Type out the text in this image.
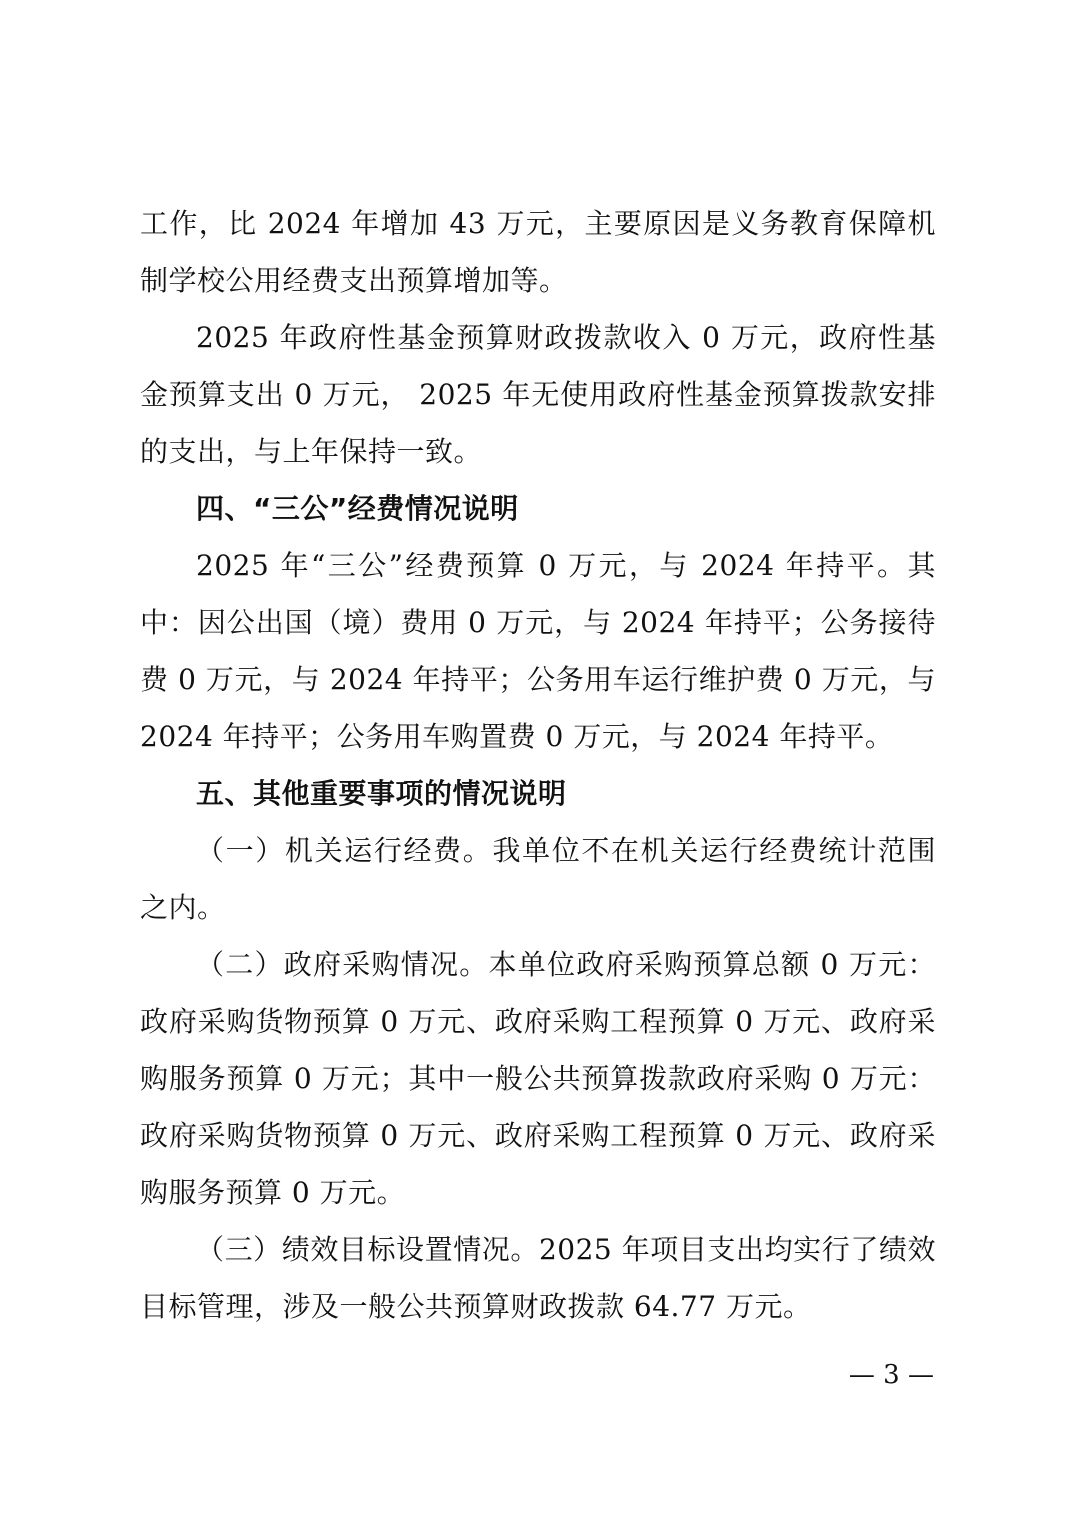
工作，比 2024 年增加 43 万元，主要原因是义务教育保障机制学校公用经费支出预算增加等。

2025 年政府性基金预算财政拨款收入 0 万元，政府性基金预算支出 0 万元， 2025 年无使用政府性基金预算拨款安排的支出，与上年保持一致。

四、“三公”经费情况说明

2025 年“三公”经费预算 0 万元，与 2024 年持平。其中：因公出国（境）费用 0 万元，与 2024 年持平；公务接待费 0 万元，与 2024 年持平；公务用车运行维护费 0 万元，与 2024 年持平；公务用车购置费 0 万元，与 2024 年持平。

五、其他重要事项的情况说明

（一）机关运行经费。我单位不在机关运行经费统计范围之内。

（二）政府采购情况。本单位政府采购预算总额 0 万元：政府采购货物预算 0 万元、政府采购工程预算 0 万元、政府采购服务预算 0 万元；其中一般公共预算拨款政府采购 0 万元：政府采购货物预算 0 万元、政府采购工程预算 0 万元、政府采购服务预算 0 万元。

（三）绩效目标设置情况。2025 年项目支出均实行了绩效目标管理，涉及一般公共预算财政拨款 64.77 万元。

— 3 —
